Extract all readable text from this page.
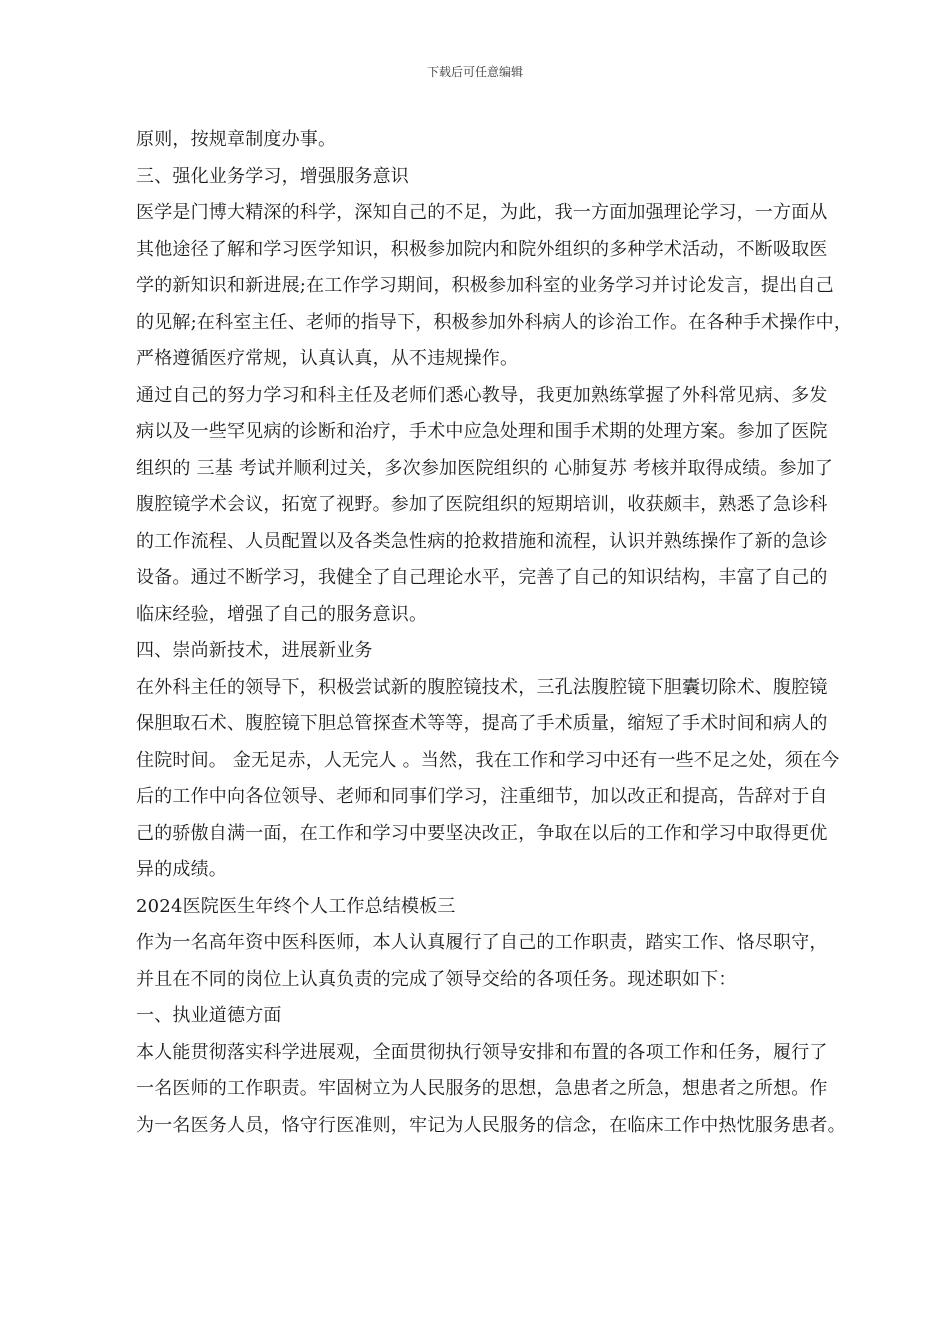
下载后可任意编辑
原则，按规章制度办事。
三、强化业务学习，增强服务意识
医学是门博大精深的科学，深知自己的不足，为此，我一方面加强理论学习，一方面从
其他途径了解和学习医学知识，积极参加院内和院外组织的多种学术活动，不断吸取医
学的新知识和新进展;在工作学习期间，积极参加科室的业务学习并讨论发言，提出自己
的见解;在科室主任、老师的指导下，积极参加外科病人的诊治工作。在各种手术操作中，
严格遵循医疗常规，认真认真，从不违规操作。
通过自己的努力学习和科主任及老师们悉心教导，我更加熟练掌握了外科常见病、多发
病以及一些罕见病的诊断和治疗，手术中应急处理和围手术期的处理方案。参加了医院
组织的 三基 考试并顺利过关，多次参加医院组织的 心肺复苏 考核并取得成绩。参加了
腹腔镜学术会议，拓宽了视野。参加了医院组织的短期培训，收获颇丰，熟悉了急诊科
的工作流程、人员配置以及各类急性病的抢救措施和流程，认识并熟练操作了新的急诊
设备。通过不断学习，我健全了自己理论水平，完善了自己的知识结构，丰富了自己的
临床经验，增强了自己的服务意识。
四、崇尚新技术，进展新业务
在外科主任的领导下，积极尝试新的腹腔镜技术，三孔法腹腔镜下胆囊切除术、腹腔镜
保胆取石术、腹腔镜下胆总管探查术等等，提高了手术质量，缩短了手术时间和病人的
住院时间。 金无足赤，人无完人 。当然，我在工作和学习中还有一些不足之处，须在今
后的工作中向各位领导、老师和同事们学习，注重细节，加以改正和提高，告辞对于自
己的骄傲自满一面，在工作和学习中要坚决改正，争取在以后的工作和学习中取得更优
异的成绩。
2024医院医生年终个人工作总结模板三
作为一名高年资中医科医师，本人认真履行了自己的工作职责，踏实工作、恪尽职守，
并且在不同的岗位上认真负责的完成了领导交给的各项任务。现述职如下：
一、执业道德方面
本人能贯彻落实科学进展观，全面贯彻执行领导安排和布置的各项工作和任务，履行了
一名医师的工作职责。牢固树立为人民服务的思想，急患者之所急，想患者之所想。作
为一名医务人员，恪守行医准则，牢记为人民服务的信念，在临床工作中热忱服务患者。
